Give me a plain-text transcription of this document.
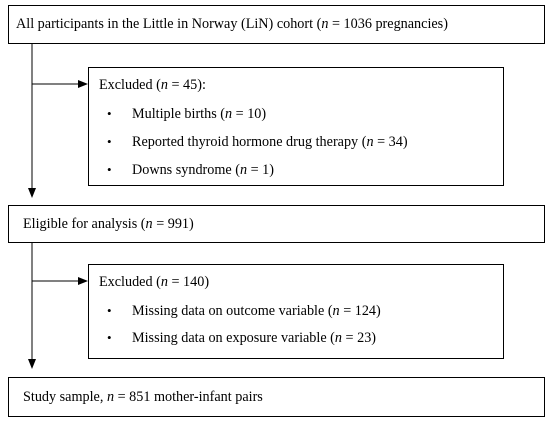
All participants in the Little in Norway (LiN) cohort (n = 1036 pregnancies)
Excluded (n = 45):
• Multiple births (n = 10)
• Reported thyroid hormone drug therapy (n = 34)
• Downs syndrome (n = 1)
Eligible for analysis (n = 991)
Excluded (n = 140)
• Missing data on outcome variable (n = 124)
• Missing data on exposure variable (n = 23)
Study sample, n = 851 mother-infant pairs
